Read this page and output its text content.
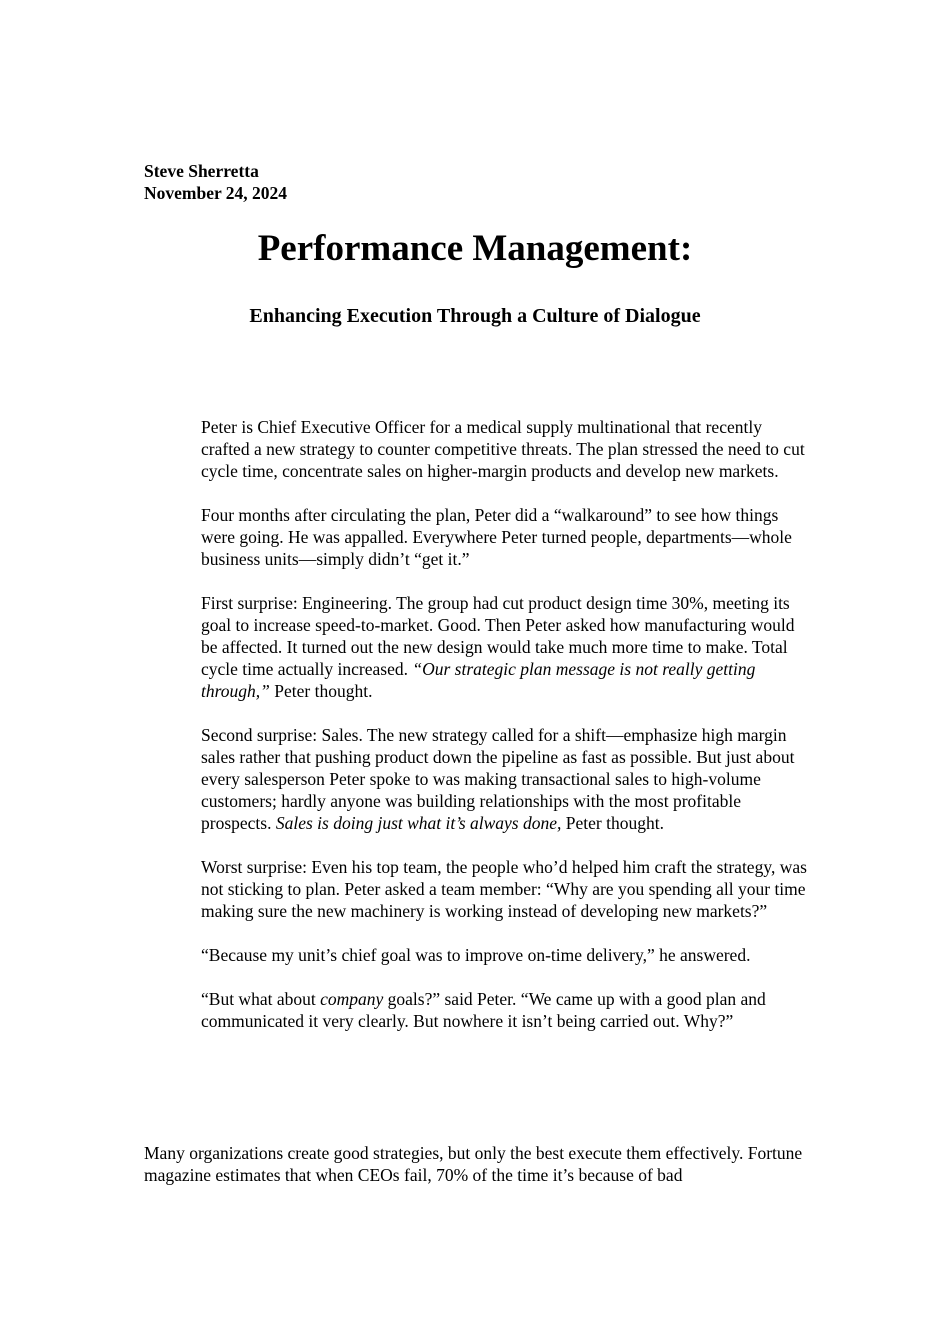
Steve Sherretta
November 24, 2024
Performance Management:
Enhancing Execution Through a Culture of Dialogue

Peter is Chief Executive Officer for a medical supply multinational that recently crafted a new strategy to counter competitive threats. The plan stressed the need to cut cycle time, concentrate sales on higher-margin products and develop new markets.

Four months after circulating the plan, Peter did a “walkaround” to see how things were going. He was appalled. Everywhere Peter turned people, departments—whole business units—simply didn’t “get it.”

First surprise: Engineering. The group had cut product design time 30%, meeting its goal to increase speed-to-market. Good. Then Peter asked how manufacturing would be affected. It turned out the new design would take much more time to make. Total cycle time actually increased. “Our strategic plan message is not really getting through,” Peter thought.

Second surprise: Sales. The new strategy called for a shift—emphasize high margin sales rather that pushing product down the pipeline as fast as possible. But just about every salesperson Peter spoke to was making transactional sales to high-volume customers; hardly anyone was building relationships with the most profitable prospects. Sales is doing just what it’s always done, Peter thought.

Worst surprise: Even his top team, the people who’d helped him craft the strategy, was not sticking to plan. Peter asked a team member: “Why are you spending all your time making sure the new machinery is working instead of developing new markets?”

“Because my unit’s chief goal was to improve on-time delivery,” he answered.

“But what about company goals?” said Peter. “We came up with a good plan and communicated it very clearly. But nowhere it isn’t being carried out. Why?”

Many organizations create good strategies, but only the best execute them effectively. Fortune magazine estimates that when CEOs fail, 70% of the time it’s because of bad
